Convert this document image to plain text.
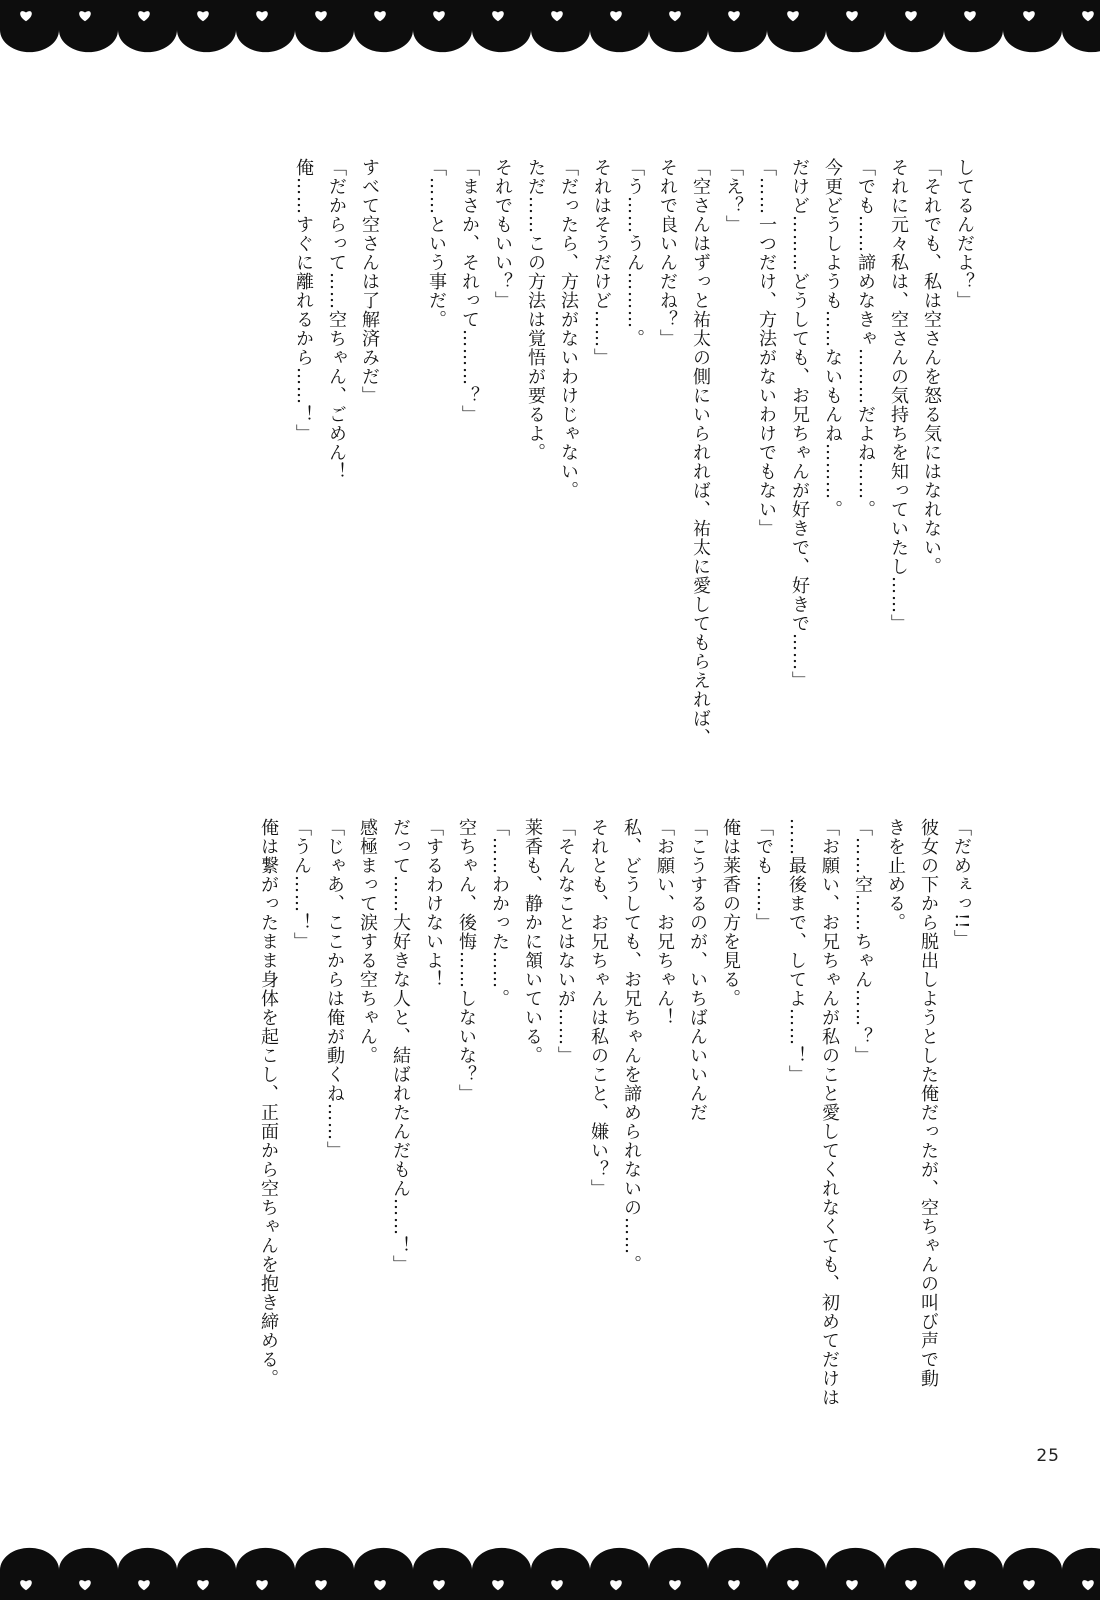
してるんだよ？」

「それでも、私は空さんを怒る気にはなれない。

それに元々私は、空さんの気持ちを知っていたし……」

「でも……諦めなきゃ………だよね……。

今更どうしようも……ないもんね………。

だけど………どうしても、お兄ちゃんが好きで、好きで……」

「……一つだけ、方法がないわけでもない」

「え？」

「空さんはずっと祐太の側にいられれば、祐太に愛してもらえれば、

それで良いんだね？」

「う……うん………。

それはそうだけど……」

「だったら、方法がないわけじゃない。

ただ……この方法は覚悟が要るよ。

それでもいい？」

「まさか、それって………？」

「……という事だ。

すべて空さんは了解済みだ」

「だからって……空ちゃん、ごめん！

俺……すぐに離れるから……！」

「だめぇっ!!」

彼女の下から脱出しようとした俺だったが、空ちゃんの叫び声で動

きを止める。

「……空……ちゃん……？」

「お願い、お兄ちゃんが私のこと愛してくれなくても、初めてだけは

……最後まで、してよ……！」

「でも……」

俺は莱香の方を見る。

「こうするのが、いちばんいいんだ

「お願い、お兄ちゃん！

私、どうしても、お兄ちゃんを諦められないの……。

それとも、お兄ちゃんは私のこと、嫌い？」

「そんなことはないが……」

莱香も、静かに頷いている。

「……わかった……。

空ちゃん、後悔……しないな？」

「するわけないよ！

だって……大好きな人と、結ばれたんだもん……！」

感極まって涙する空ちゃん。

「じゃあ、ここからは俺が動くね……」

「うん……！」

俺は繋がったまま身体を起こし、正面から空ちゃんを抱き締める。

25
